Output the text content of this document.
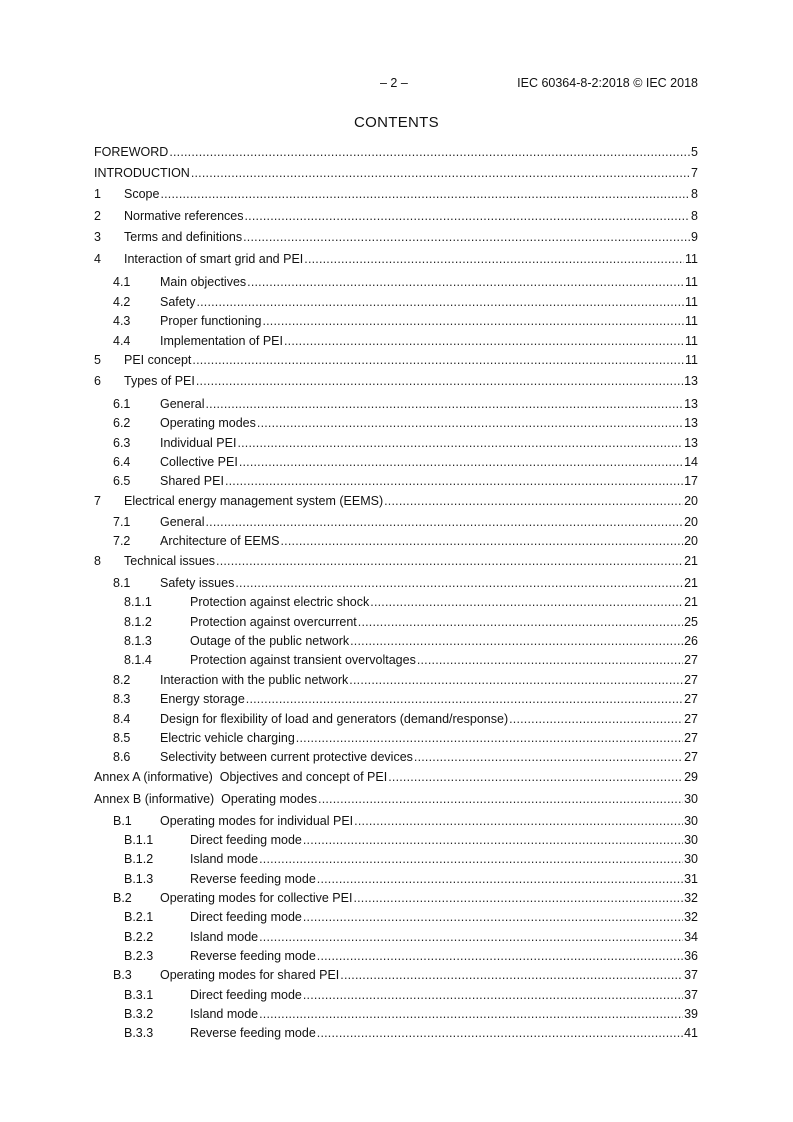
– 2 –	IEC 60364-8-2:2018 © IEC 2018
CONTENTS
FOREWORD .....	5
INTRODUCTION .....	7
1	Scope .....	8
2	Normative references .....	8
3	Terms and definitions .....	9
4	Interaction of smart grid and PEI .....	11
4.1	Main objectives .....	11
4.2	Safety .....	11
4.3	Proper functioning .....	11
4.4	Implementation of PEI .....	11
5	PEI concept .....	11
6	Types of PEI .....	13
6.1	General .....	13
6.2	Operating modes .....	13
6.3	Individual PEI .....	13
6.4	Collective PEI .....	14
6.5	Shared PEI .....	17
7	Electrical energy management system (EEMS) .....	20
7.1	General .....	20
7.2	Architecture of EEMS .....	20
8	Technical issues .....	21
8.1	Safety issues .....	21
8.1.1	Protection against electric shock .....	21
8.1.2	Protection against overcurrent .....	25
8.1.3	Outage of the public network .....	26
8.1.4	Protection against transient overvoltages .....	27
8.2	Interaction with the public network .....	27
8.3	Energy storage .....	27
8.4	Design for flexibility of load and generators (demand/response) .....	27
8.5	Electric vehicle charging .....	27
8.6	Selectivity between current protective devices .....	27
Annex A (informative)  Objectives and concept of PEI .....	29
Annex B (informative)  Operating modes .....	30
B.1	Operating modes for individual PEI .....	30
B.1.1	Direct feeding mode .....	30
B.1.2	Island mode .....	30
B.1.3	Reverse feeding mode .....	31
B.2	Operating modes for collective PEI .....	32
B.2.1	Direct feeding mode .....	32
B.2.2	Island mode .....	34
B.2.3	Reverse feeding mode .....	36
B.3	Operating modes for shared PEI .....	37
B.3.1	Direct feeding mode .....	37
B.3.2	Island mode .....	39
B.3.3	Reverse feeding mode .....	41
